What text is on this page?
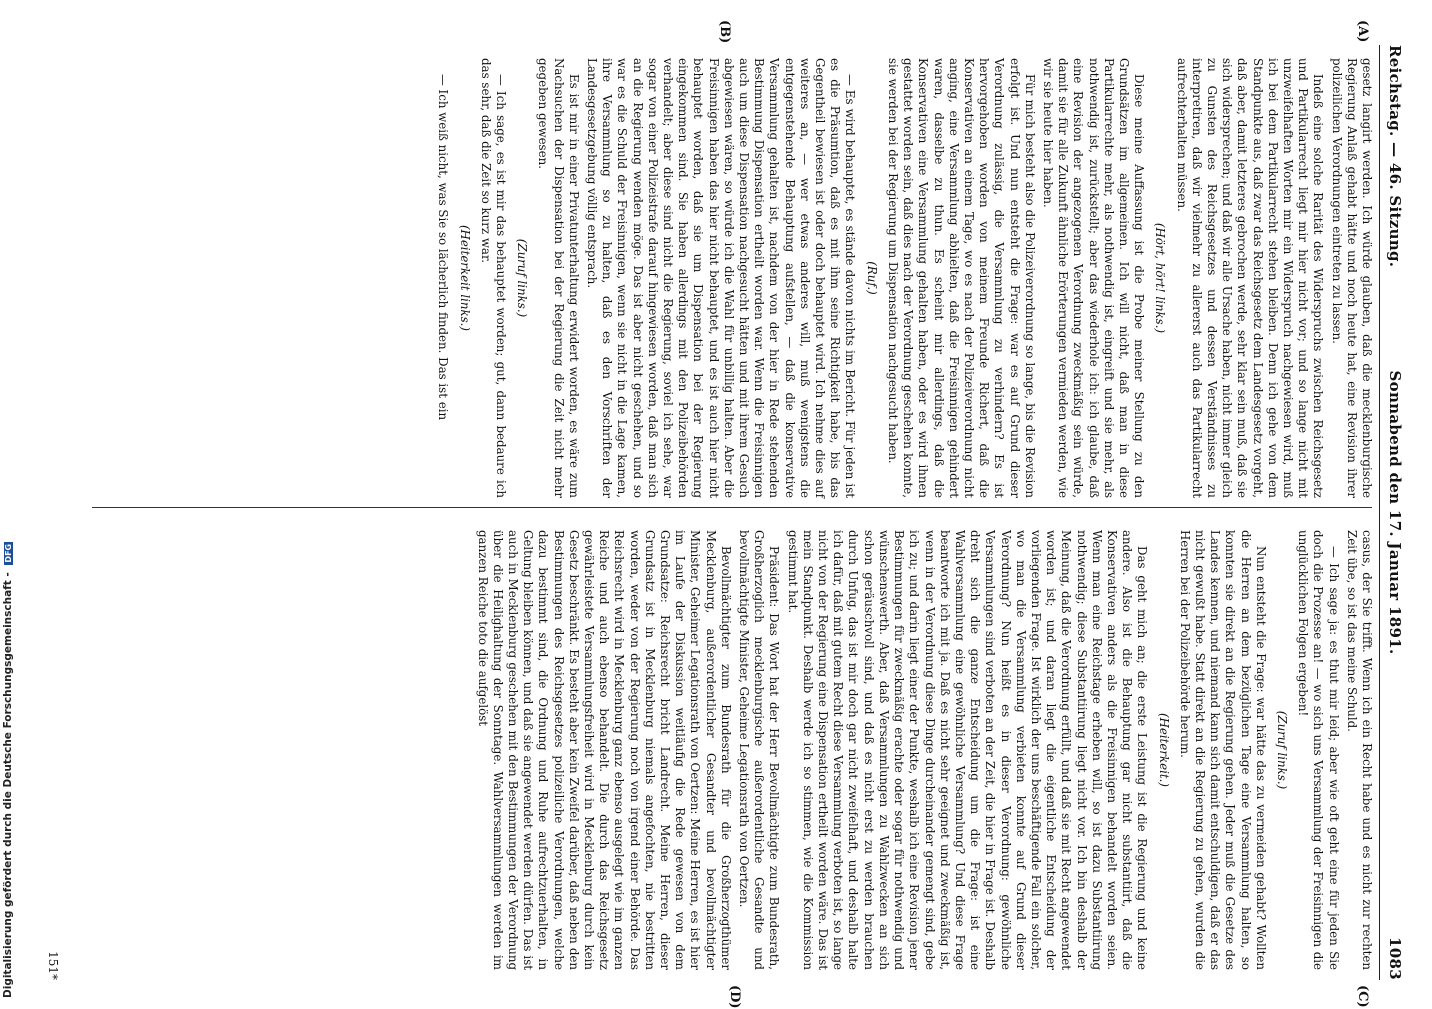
Reichstag. — 46. Sitzung.
Sonnabend den 17. Januar 1891.
1083
(A)
(B)
(C)
(D)

gesetz langirt werden. Ich würde glauben, daß die mecklenburgische Regierung Anlaß gehabt hätte und noch heute hat, eine Revision ihrer polizeilichen Verordnungen eintreten zu lassen.

Indeß eine solche Rarität des Widerspruchs zwischen Reichsgesetz und Partikularrecht liegt mir hier nicht vor; und so lange nicht mit unzweifelhaften Worten mir ein Widerspruch nachgewiesen wird, muß ich bei dem Partikularrecht stehen bleiben. Denn ich gehe von dem Standpunkte aus, daß zwar das Reichsgesetz dem Landesgesetz vorgeht, daß aber, damit letzteres gebrochen werde, sehr klar sein muß, daß sie sich widersprechen; und daß wir alle Ursache haben, nicht immer gleich zu Gunsten des Reichsgesetzes und dessen Verständnisses zu interpretiren, daß wir vielmehr zu allererst auch das Partikularrecht aufrechterhalten müssen.

(Hört, hört! links.)

Diese meine Auffassung ist die Probe meiner Stellung zu den Grundsätzen im allgemeinen. Ich will nicht, daß man in diese Partikularrechte mehr, als nothwendig ist, eingreift und sie mehr, als nothwendig ist, zurückstellt; aber das wiederhole ich: ich glaube, daß eine Revision der angezogenen Verordnung zweckmäßig sein würde, damit sie für alle Zukunft ähnliche Erörterungen vermieden werden, wie wir sie heute hier haben.

Für mich besteht also die Polizeiverordnung so lange, bis die Revision erfolgt ist. Und nun entsteht die Frage: war es auf Grund dieser Verordnung zulässig, die Versammlung zu verhindern? Es ist hervorgehoben worden von meinem Freunde Richert, daß die Konservativen an einem Tage, wo es nach der Polizeiverordnung nicht anging, eine Versammlung abhielten, daß die Freisinnigen gehindert waren, dasselbe zu thun. Es scheint mir allerdings, daß die Konservativen eine Versammlung gehalten haben, oder es wird ihnen gestattet worden sein, daß dies nach der Verordnung geschehen konnte, sie werden bei der Regierung um Dispensation nachgesucht haben.

(Ruf.)

— Es wird behauptet, es stände davon nichts im Bericht. Für jeden ist es die Präsumtion, daß es mit ihm seine Richtigkeit habe, bis das Gegentheil bewiesen ist oder doch behauptet wird. Ich nehme dies auf weiteres an, — wer etwas anderes will, muß wenigstens die entgegenstehende Behauptung aufstellen, — daß die konservative Versammlung gehalten ist, nachdem von der hier in Rede stehenden Bestimmung Dispensation ertheilt worden war. Wenn die Freisinnigen auch um diese Dispensation nachgesucht hätten und mit ihrem Gesuch abgewiesen wären, so würde ich die Wahl für unbillig halten. Aber die Freisinnigen haben das hier nicht behauptet, und es ist auch hier nicht behauptet worden, daß sie um Dispensation bei der Regierung eingekommen sind. Sie haben allerdings mit den Polizeibehörden verhandelt; aber diese sind nicht die Regierung, soviel ich sehe, war sogar von einer Polizeistrafe darauf hingewiesen worden, daß man sich an die Regierung wenden möge. Das ist aber nicht geschehen, und so war es die Schuld der Freisinnigen, wenn sie nicht in die Lage kamen, ihre Versammlung so zu halten, daß es den Vorschriften der Landesgesetzgebung völlig entsprach.

Es ist mir in einer Privatunterhaltung erwidert worden, es wäre zum Nachsuchen der Dispensation bei der Regierung die Zeit nicht mehr gegeben gewesen.

(Zuruf links.)

— Ich sage, es ist mir das behauptet worden; gut, dann bedaure ich das sehr, daß die Zeit so kurz war.

(Heiterkeit links.)

— Ich weiß nicht, was Sie so lächerlich finden. Das ist ein

casus, der Sie trifft. Wenn ich ein Recht habe und es nicht zur rechten Zeit übe, so ist das meine Schuld.

— Ich sage ja: es thut mir leid; aber wie oft geht eine für jeden Sie doch die Prozesse an! — wo sich uns Versammlung der Freisinnigen die unglücklichen Folgen ergeben!

(Zuruf links.)

Nun entsteht die Frage: war hätte das zu vermeiden gehabt? Wollten die Herren an dem bezüglichen Tage eine Versammlung halten, so konnten sie direkt an die Regierung gehen. Jeder muß die Gesetze des Landes kennen, und niemand kann sich damit entschuldigen, daß er das nicht gewußt habe. Statt direkt an die Regierung zu gehen, wurden die Herren bei der Polizeibehörde herum.

(Heiterkeit.)

Das geht mich an; die erste Leistung ist die Regierung und keine andere. Also ist die Behauptung gar nicht substantiirt, daß die Konservativen anders als die Freisinnigen behandelt worden seien. Wenn man eine Reichstage erheben will, so ist dazu Substantiirung nothwendig; diese Substantiirung liegt nicht vor. Ich bin deshalb der Meinung, daß die Verordnung erfüllt, und daß sie mit Recht angewendet worden ist; und daran liegt die eigentliche Entscheidung der vorliegenden Frage. Ist wirklich der uns beschäftigende Fall ein solcher, wo man die Versammlung verbieten konnte auf Grund dieser Verordnung? Nun heißt es in dieser Verordnung: gewöhnliche Versammlungen sind verboten an der Zeit, die hier in Frage ist. Deshalb dreht sich die ganze Entscheidung um die Frage: ist eine Wahlversammlung eine gewöhnliche Versammlung? Und diese Frage beantworte ich mit ja. Daß es nicht sehr geeignet und zweckmäßig ist, wenn in der Verordnung diese Dinge durcheinander gemengt sind, gebe ich zu; und darin liegt einer der Punkte, weshalb ich eine Revision jener Bestimmungen für zweckmäßig erachte oder sogar für nothwendig und wünschenswerth. Aber, daß Versammlungen zu Wahlzwecken an sich schon geräuschvoll sind, und daß es nicht erst zu werden brauchen durch Unfug, das ist mir doch gar nicht zweifelhaft, und deshalb halte ich dafür, daß mit gutem Recht diese Versammlung verboten ist, so lange nicht von der Regierung eine Dispensation ertheilt worden wäre. Das ist mein Standpunkt. Deshalb werde ich so stimmen, wie die Kommission gestimmt hat.

Präsident: Das Wort hat der Herr Bevollmächtigte zum Bundesrath, Großherzoglich mecklenburgische außerordentliche Gesandte und bevollmächtigte Minister, Geheime Legationsrath von Oertzen.

Bevollmächtigter zum Bundesrath für die Großherzogthümer Mecklenburg, außerordentlicher Gesandter und bevollmächtigter Minister, Geheimer Legationsrath von Oertzen: Meine Herren, es ist hier im Laufe der Diskussion weitläufig die Rede gewesen von dem Grundsatze: Reichsrecht bricht Landrecht. Meine Herren, dieser Grundsatz ist in Mecklenburg niemals angefochten, nie bestritten worden, weder von der Regierung noch von irgend einer Behörde. Das Reichsrecht wird in Mecklenburg ganz ebenso ausgelegt wie im ganzen Reiche und auch ebenso behandelt. Die durch das Reichsgesetz gewährleistete Versammlungsfreiheit wird in Mecklenburg durch kein Gesetz beschränkt. Es besteht aber kein Zweifel darüber, daß neben den Bestimmungen des Reichsgesetzes polizeiliche Verordnungen, welche dazu bestimmt sind, die Ordnung und Ruhe aufrechtzuerhalten, in Geltung bleiben können, und daß sie angewendet werden dürfen. Das ist auch in Mecklenburg geschehen mit den Bestimmungen der Verordnung über die Heilighaltung der Sonntage. Wahlversammlungen werden im ganzen Reiche toto die aufgelöst

151*
Digitalisierung gefördert durch die Deutsche Forschungsgemeinschaft - DFG
